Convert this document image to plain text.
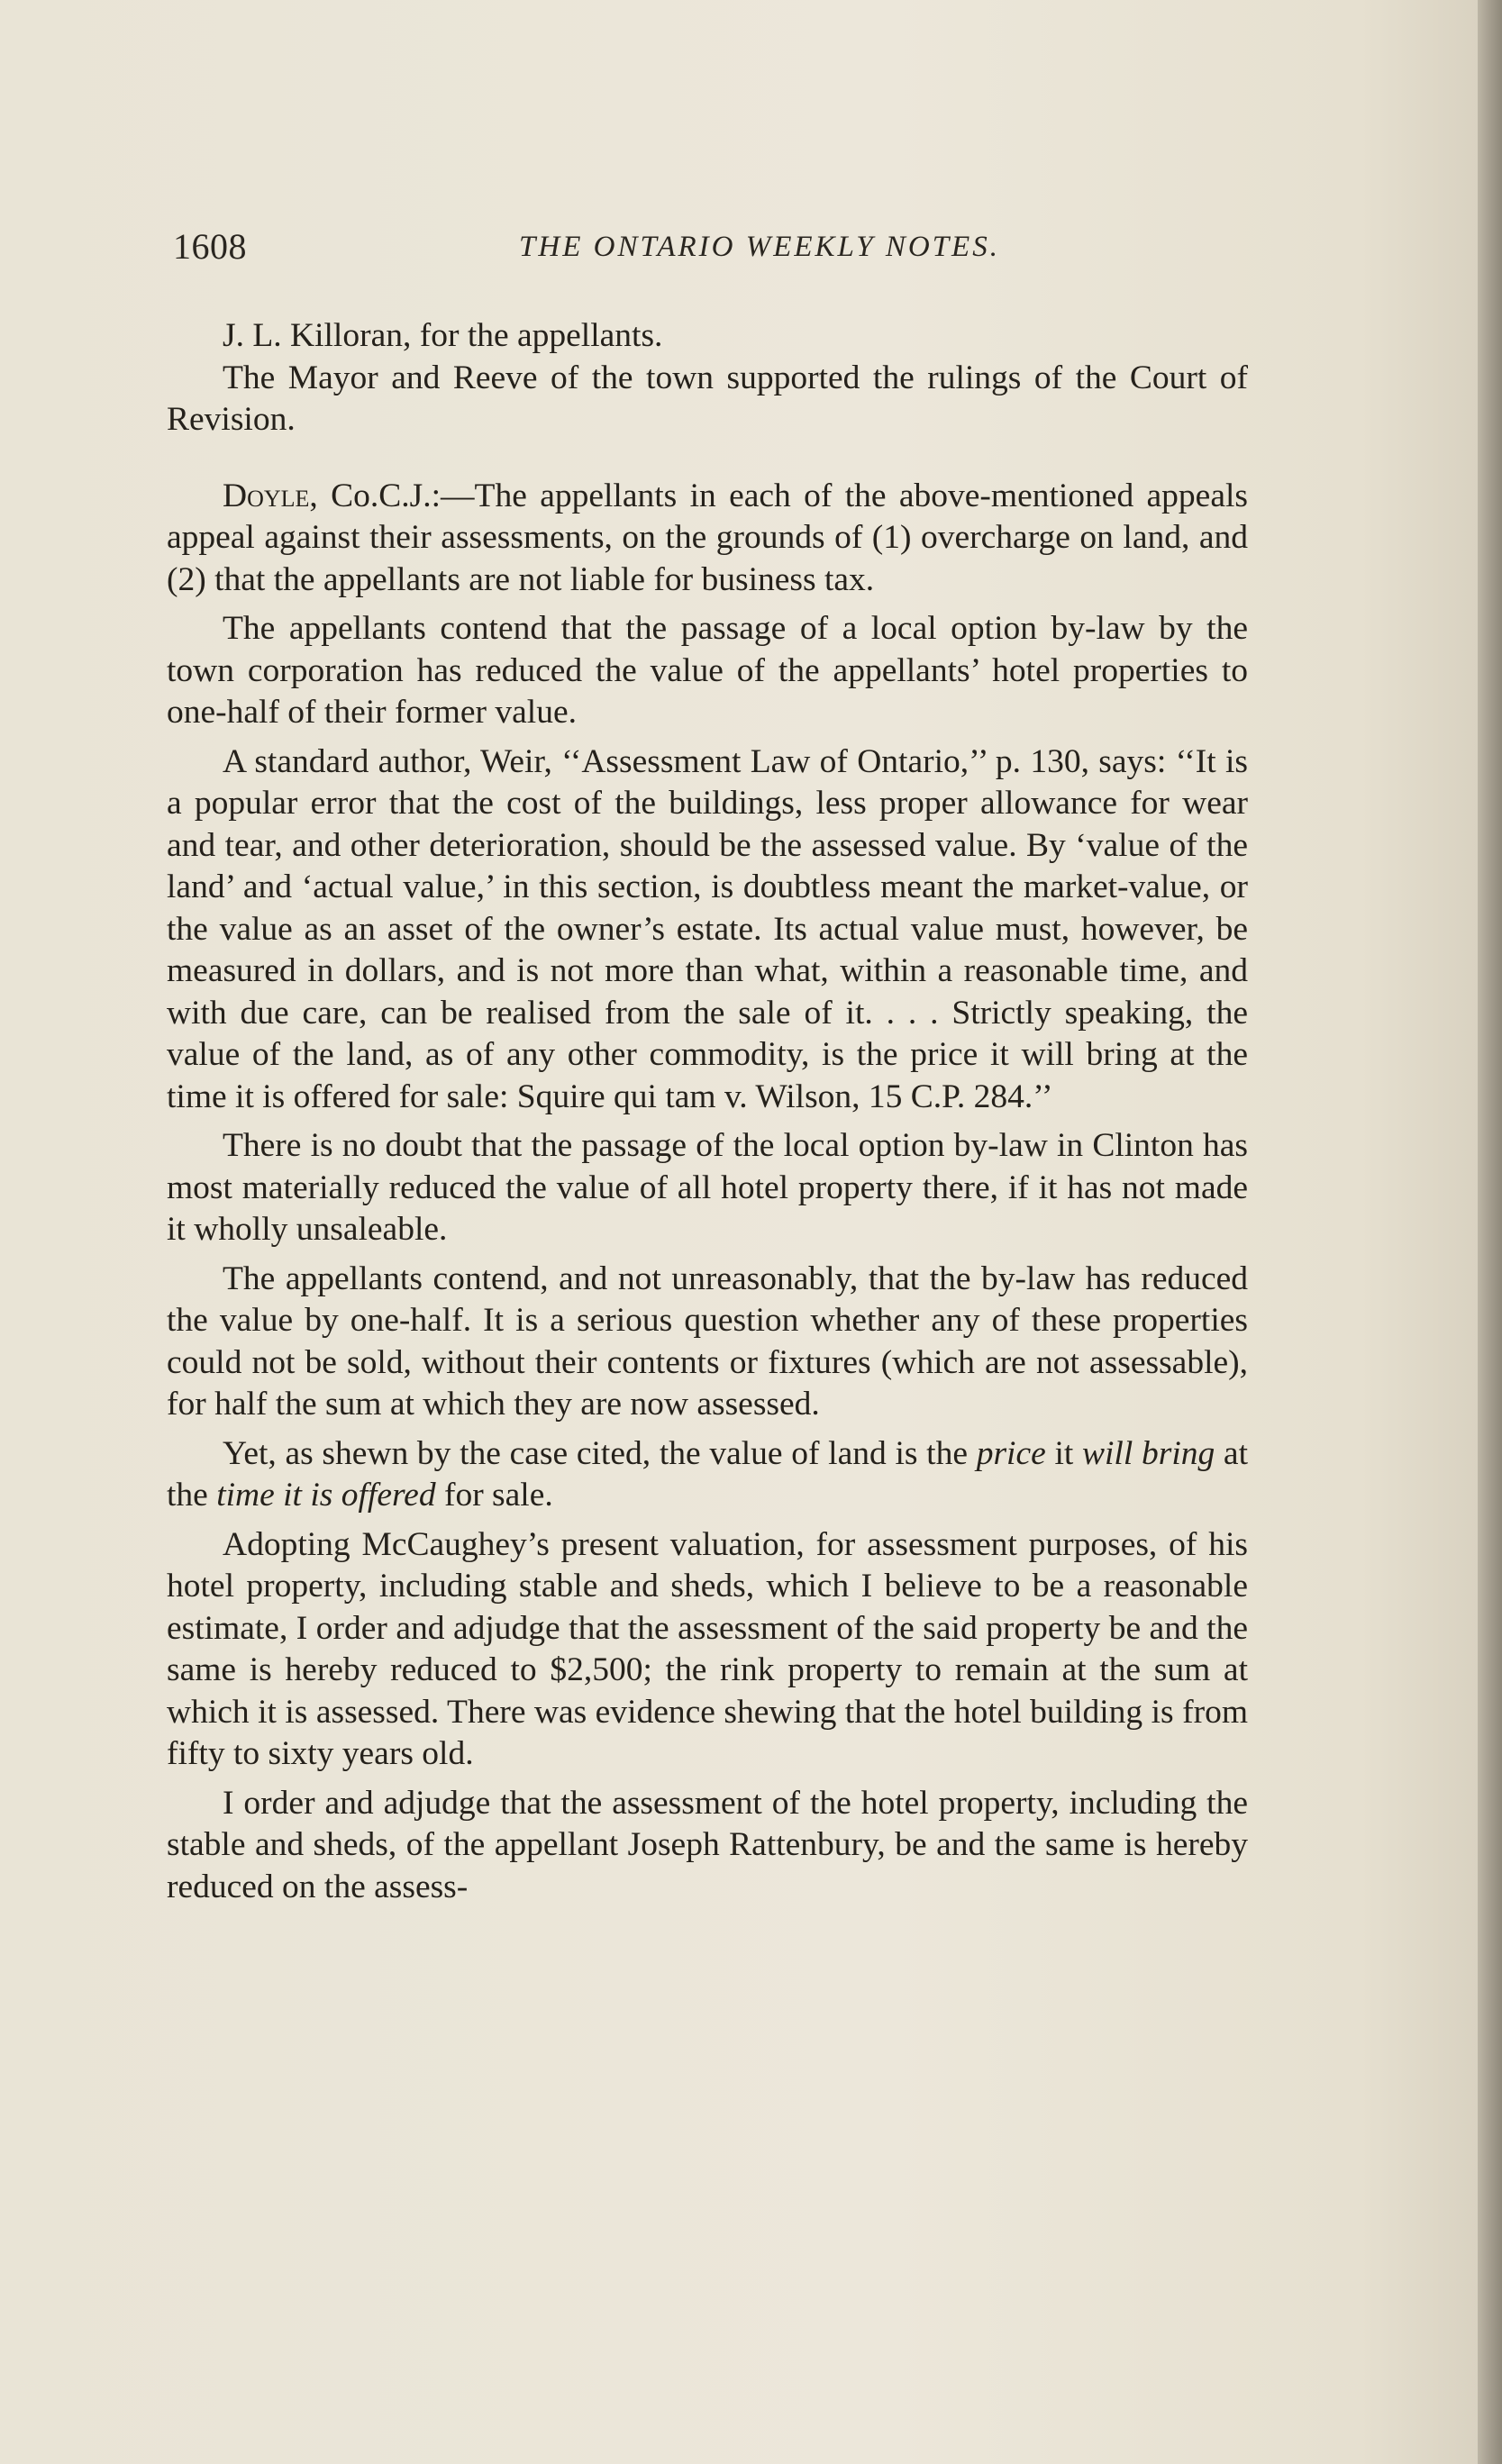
1608	THE ONTARIO WEEKLY NOTES.

J. L. Killoran, for the appellants.

The Mayor and Reeve of the town supported the rulings of the Court of Revision.

Doyle, Co.C.J.:—The appellants in each of the above-mentioned appeals appeal against their assessments, on the grounds of (1) overcharge on land, and (2) that the appellants are not liable for business tax.

The appellants contend that the passage of a local option by-law by the town corporation has reduced the value of the appellants’ hotel properties to one-half of their former value.

A standard author, Weir, ‘‘Assessment Law of Ontario,’’ p. 130, says: ‘‘It is a popular error that the cost of the buildings, less proper allowance for wear and tear, and other deterioration, should be the assessed value. By ‘value of the land’ and ‘actual value,’ in this section, is doubtless meant the market-value, or the value as an asset of the owner’s estate. Its actual value must, however, be measured in dollars, and is not more than what, within a reasonable time, and with due care, can be realised from the sale of it. . . . Strictly speaking, the value of the land, as of any other commodity, is the price it will bring at the time it is offered for sale: Squire qui tam v. Wilson, 15 C.P. 284.’’

There is no doubt that the passage of the local option by-law in Clinton has most materially reduced the value of all hotel property there, if it has not made it wholly unsaleable.

The appellants contend, and not unreasonably, that the by-law has reduced the value by one-half. It is a serious question whether any of these properties could not be sold, without their contents or fixtures (which are not assessable), for half the sum at which they are now assessed.

Yet, as shewn by the case cited, the value of land is the price it will bring at the time it is offered for sale.

Adopting McCaughey’s present valuation, for assessment purposes, of his hotel property, including stable and sheds, which I believe to be a reasonable estimate, I order and adjudge that the assessment of the said property be and the same is hereby reduced to $2,500; the rink property to remain at the sum at which it is assessed. There was evidence shewing that the hotel building is from fifty to sixty years old.

I order and adjudge that the assessment of the hotel property, including the stable and sheds, of the appellant Joseph Rattenbury, be and the same is hereby reduced on the assess-
